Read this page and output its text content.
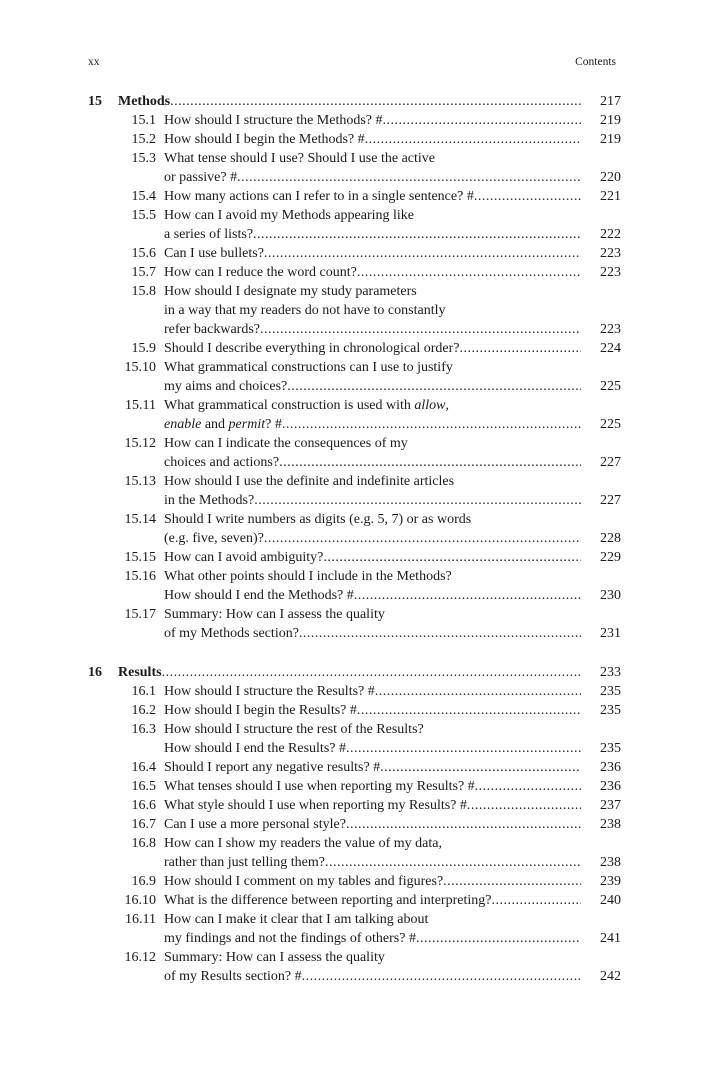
xx	Contents
15	Methods .....	217
15.1 How should I structure the Methods? # .....	219
15.2 How should I begin the Methods? # .....	219
15.3 What tense should I use? Should I use the active
or passive? # .....	220
15.4 How many actions can I refer to in a single sentence? # .....	221
15.5 How can I avoid my Methods appearing like
a series of lists? .....	222
15.6 Can I use bullets? .....	223
15.7 How can I reduce the word count? .....	223
15.8 How should I designate my study parameters
in a way that my readers do not have to constantly
refer backwards? .....	223
15.9 Should I describe everything in chronological order? .....	224
15.10 What grammatical constructions can I use to justify
my aims and choices? .....	225
15.11 What grammatical construction is used with allow,
enable and permit? # .....	225
15.12 How can I indicate the consequences of my
choices and actions? .....	227
15.13 How should I use the definite and indefinite articles
in the Methods? .....	227
15.14 Should I write numbers as digits (e.g. 5, 7) or as words
(e.g. five, seven)? .....	228
15.15 How can I avoid ambiguity? .....	229
15.16 What other points should I include in the Methods?
How should I end the Methods? # .....	230
15.17 Summary: How can I assess the quality
of my Methods section? .....	231
16	Results .....	233
16.1 How should I structure the Results? # .....	235
16.2 How should I begin the Results? # .....	235
16.3 How should I structure the rest of the Results?
How should I end the Results? # .....	235
16.4 Should I report any negative results? # .....	236
16.5 What tenses should I use when reporting my Results? # .....	236
16.6 What style should I use when reporting my Results? # .....	237
16.7 Can I use a more personal style? .....	238
16.8 How can I show my readers the value of my data,
rather than just telling them? .....	238
16.9 How should I comment on my tables and figures? .....	239
16.10 What is the difference between reporting and interpreting? .....	240
16.11 How can I make it clear that I am talking about
my findings and not the findings of others? # .....	241
16.12 Summary: How can I assess the quality
of my Results section? # .....	242
